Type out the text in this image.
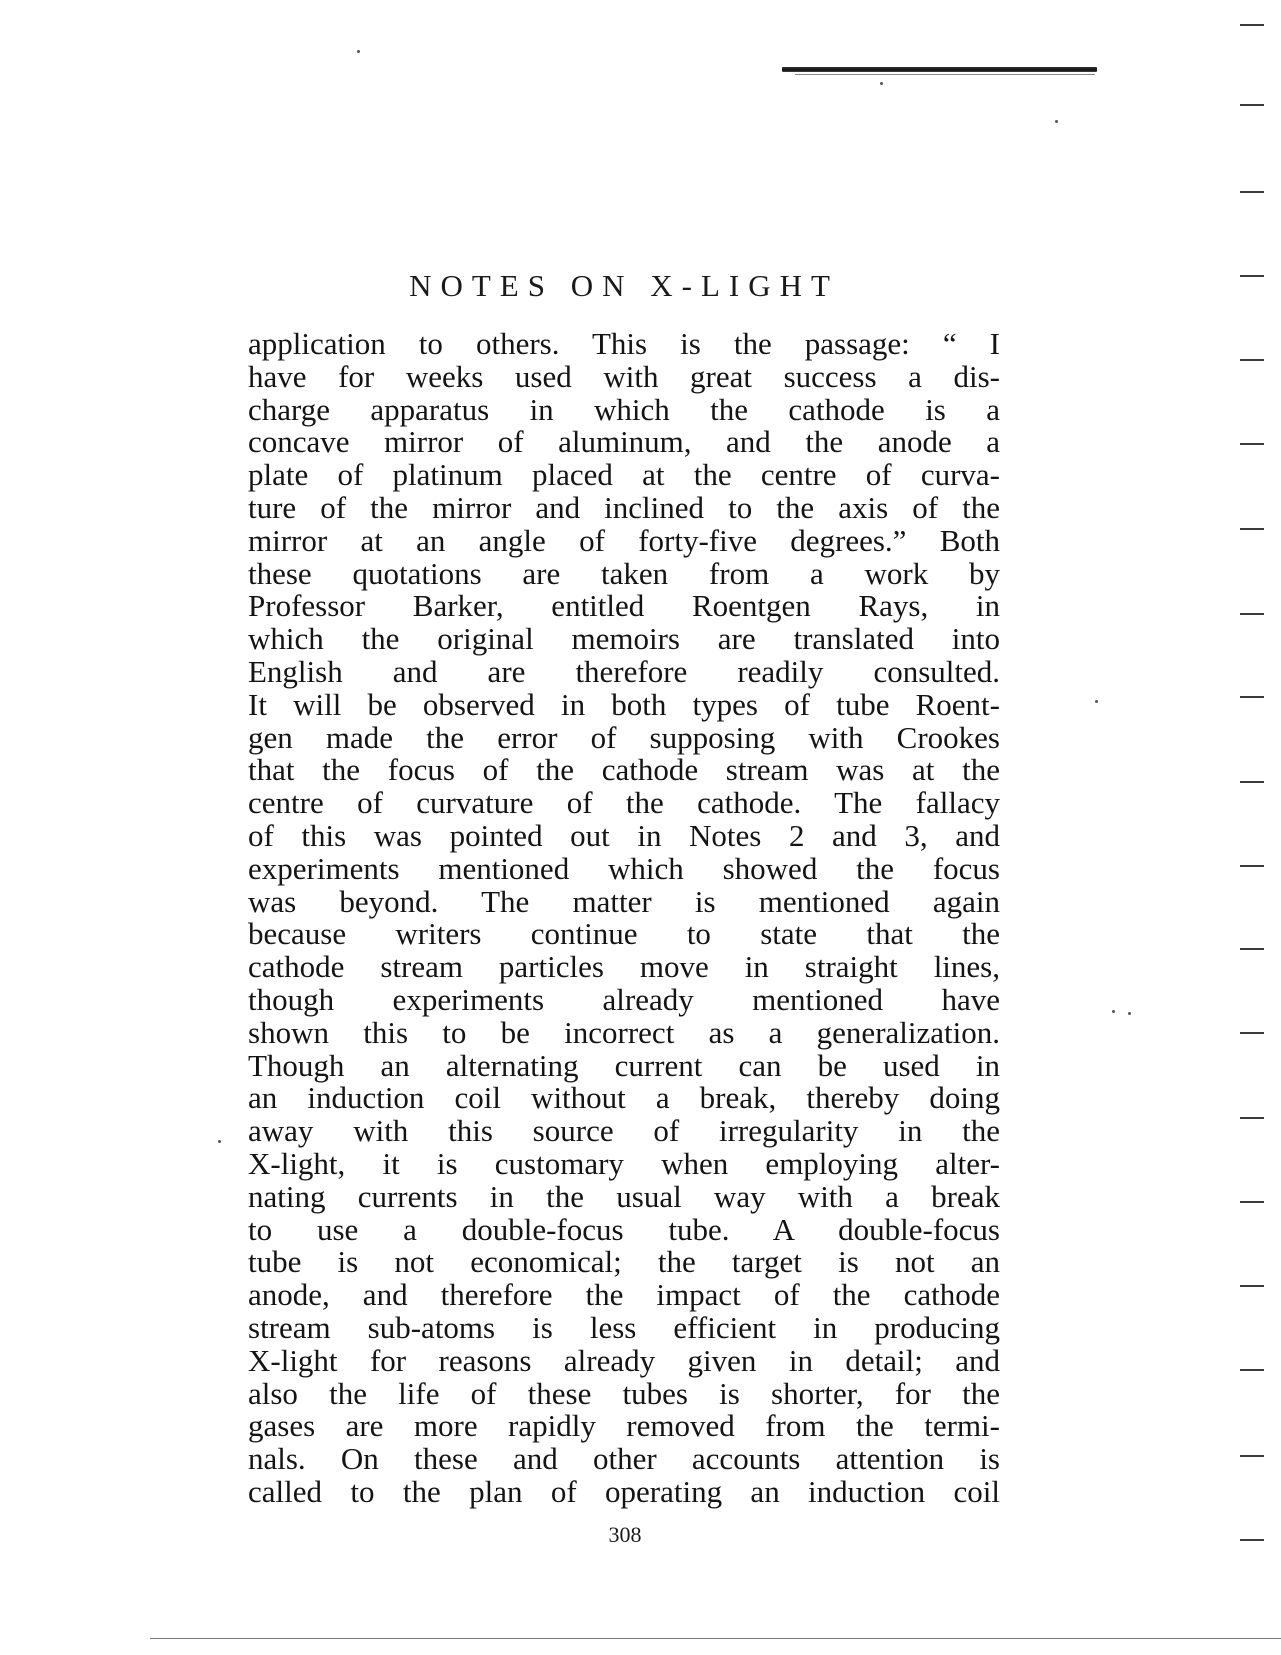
NOTES ON X-LIGHT
application to others. This is the passage: “ I
have for weeks used with great success a dis-
charge apparatus in which the cathode is a
concave mirror of aluminum, and the anode a
plate of platinum placed at the centre of curva-
ture of the mirror and inclined to the axis of the
mirror at an angle of forty-five degrees.” Both
these quotations are taken from a work by
Professor Barker, entitled Roentgen Rays, in
which the original memoirs are translated into
English and are therefore readily consulted.
It will be observed in both types of tube Roent-
gen made the error of supposing with Crookes
that the focus of the cathode stream was at the
centre of curvature of the cathode. The fallacy
of this was pointed out in Notes 2 and 3, and
experiments mentioned which showed the focus
was beyond. The matter is mentioned again
because writers continue to state that the
cathode stream particles move in straight lines,
though experiments already mentioned have
shown this to be incorrect as a generalization.
Though an alternating current can be used in
an induction coil without a break, thereby doing
away with this source of irregularity in the
X-light, it is customary when employing alter-
nating currents in the usual way with a break
to use a double-focus tube. A double-focus
tube is not economical; the target is not an
anode, and therefore the impact of the cathode
stream sub-atoms is less efficient in producing
X-light for reasons already given in detail; and
also the life of these tubes is shorter, for the
gases are more rapidly removed from the termi-
nals. On these and other accounts attention is
called to the plan of operating an induction coil
308
